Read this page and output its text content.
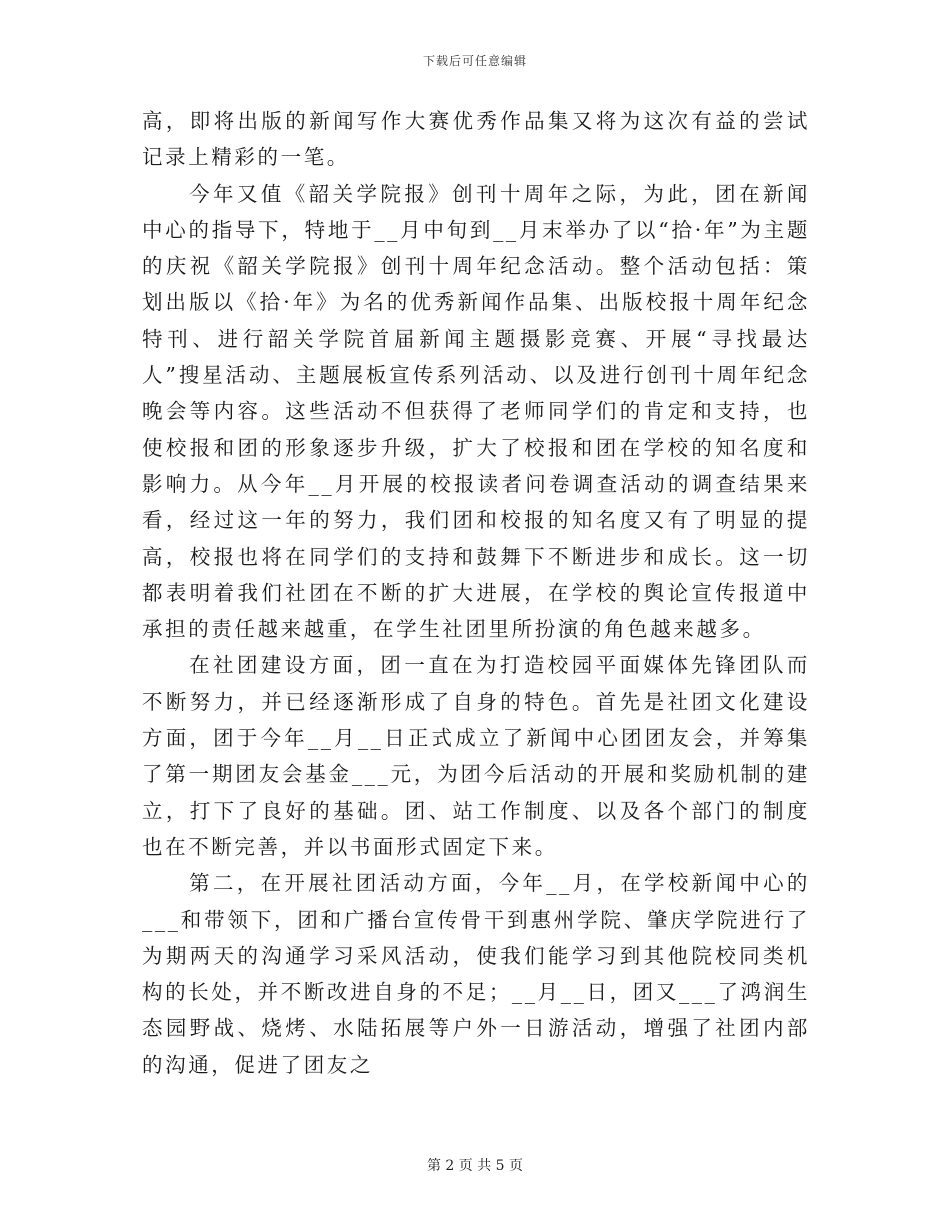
下载后可任意编辑

高，即将出版的新闻写作大赛优秀作品集又将为这次有益的尝试记录上精彩的一笔。

今年又值《韶关学院报》创刊十周年之际，为此，团在新闻中心的指导下，特地于__月中旬到__月末举办了以“拾·年”为主题的庆祝《韶关学院报》创刊十周年纪念活动。整个活动包括：策划出版以《拾·年》为名的优秀新闻作品集、出版校报十周年纪念特刊、进行韶关学院首届新闻主题摄影竞赛、开展“寻找最达人”搜星活动、主题展板宣传系列活动、以及进行创刊十周年纪念晚会等内容。这些活动不但获得了老师同学们的肯定和支持，也使校报和团的形象逐步升级，扩大了校报和团在学校的知名度和影响力。从今年__月开展的校报读者问卷调查活动的调查结果来看，经过这一年的努力，我们团和校报的知名度又有了明显的提高，校报也将在同学们的支持和鼓舞下不断进步和成长。这一切都表明着我们社团在不断的扩大进展，在学校的舆论宣传报道中承担的责任越来越重，在学生社团里所扮演的角色越来越多。

在社团建设方面，团一直在为打造校园平面媒体先锋团队而不断努力，并已经逐渐形成了自身的特色。首先是社团文化建设方面，团于今年__月__日正式成立了新闻中心团团友会，并筹集了第一期团友会基金___元，为团今后活动的开展和奖励机制的建立，打下了良好的基础。团、站工作制度、以及各个部门的制度也在不断完善，并以书面形式固定下来。

第二，在开展社团活动方面，今年__月，在学校新闻中心的___和带领下，团和广播台宣传骨干到惠州学院、肇庆学院进行了为期两天的沟通学习采风活动，使我们能学习到其他院校同类机构的长处，并不断改进自身的不足；__月__日，团又___了鸿润生态园野战、烧烤、水陆拓展等户外一日游活动，增强了社团内部的沟通，促进了团友之

第 2 页 共 5 页
